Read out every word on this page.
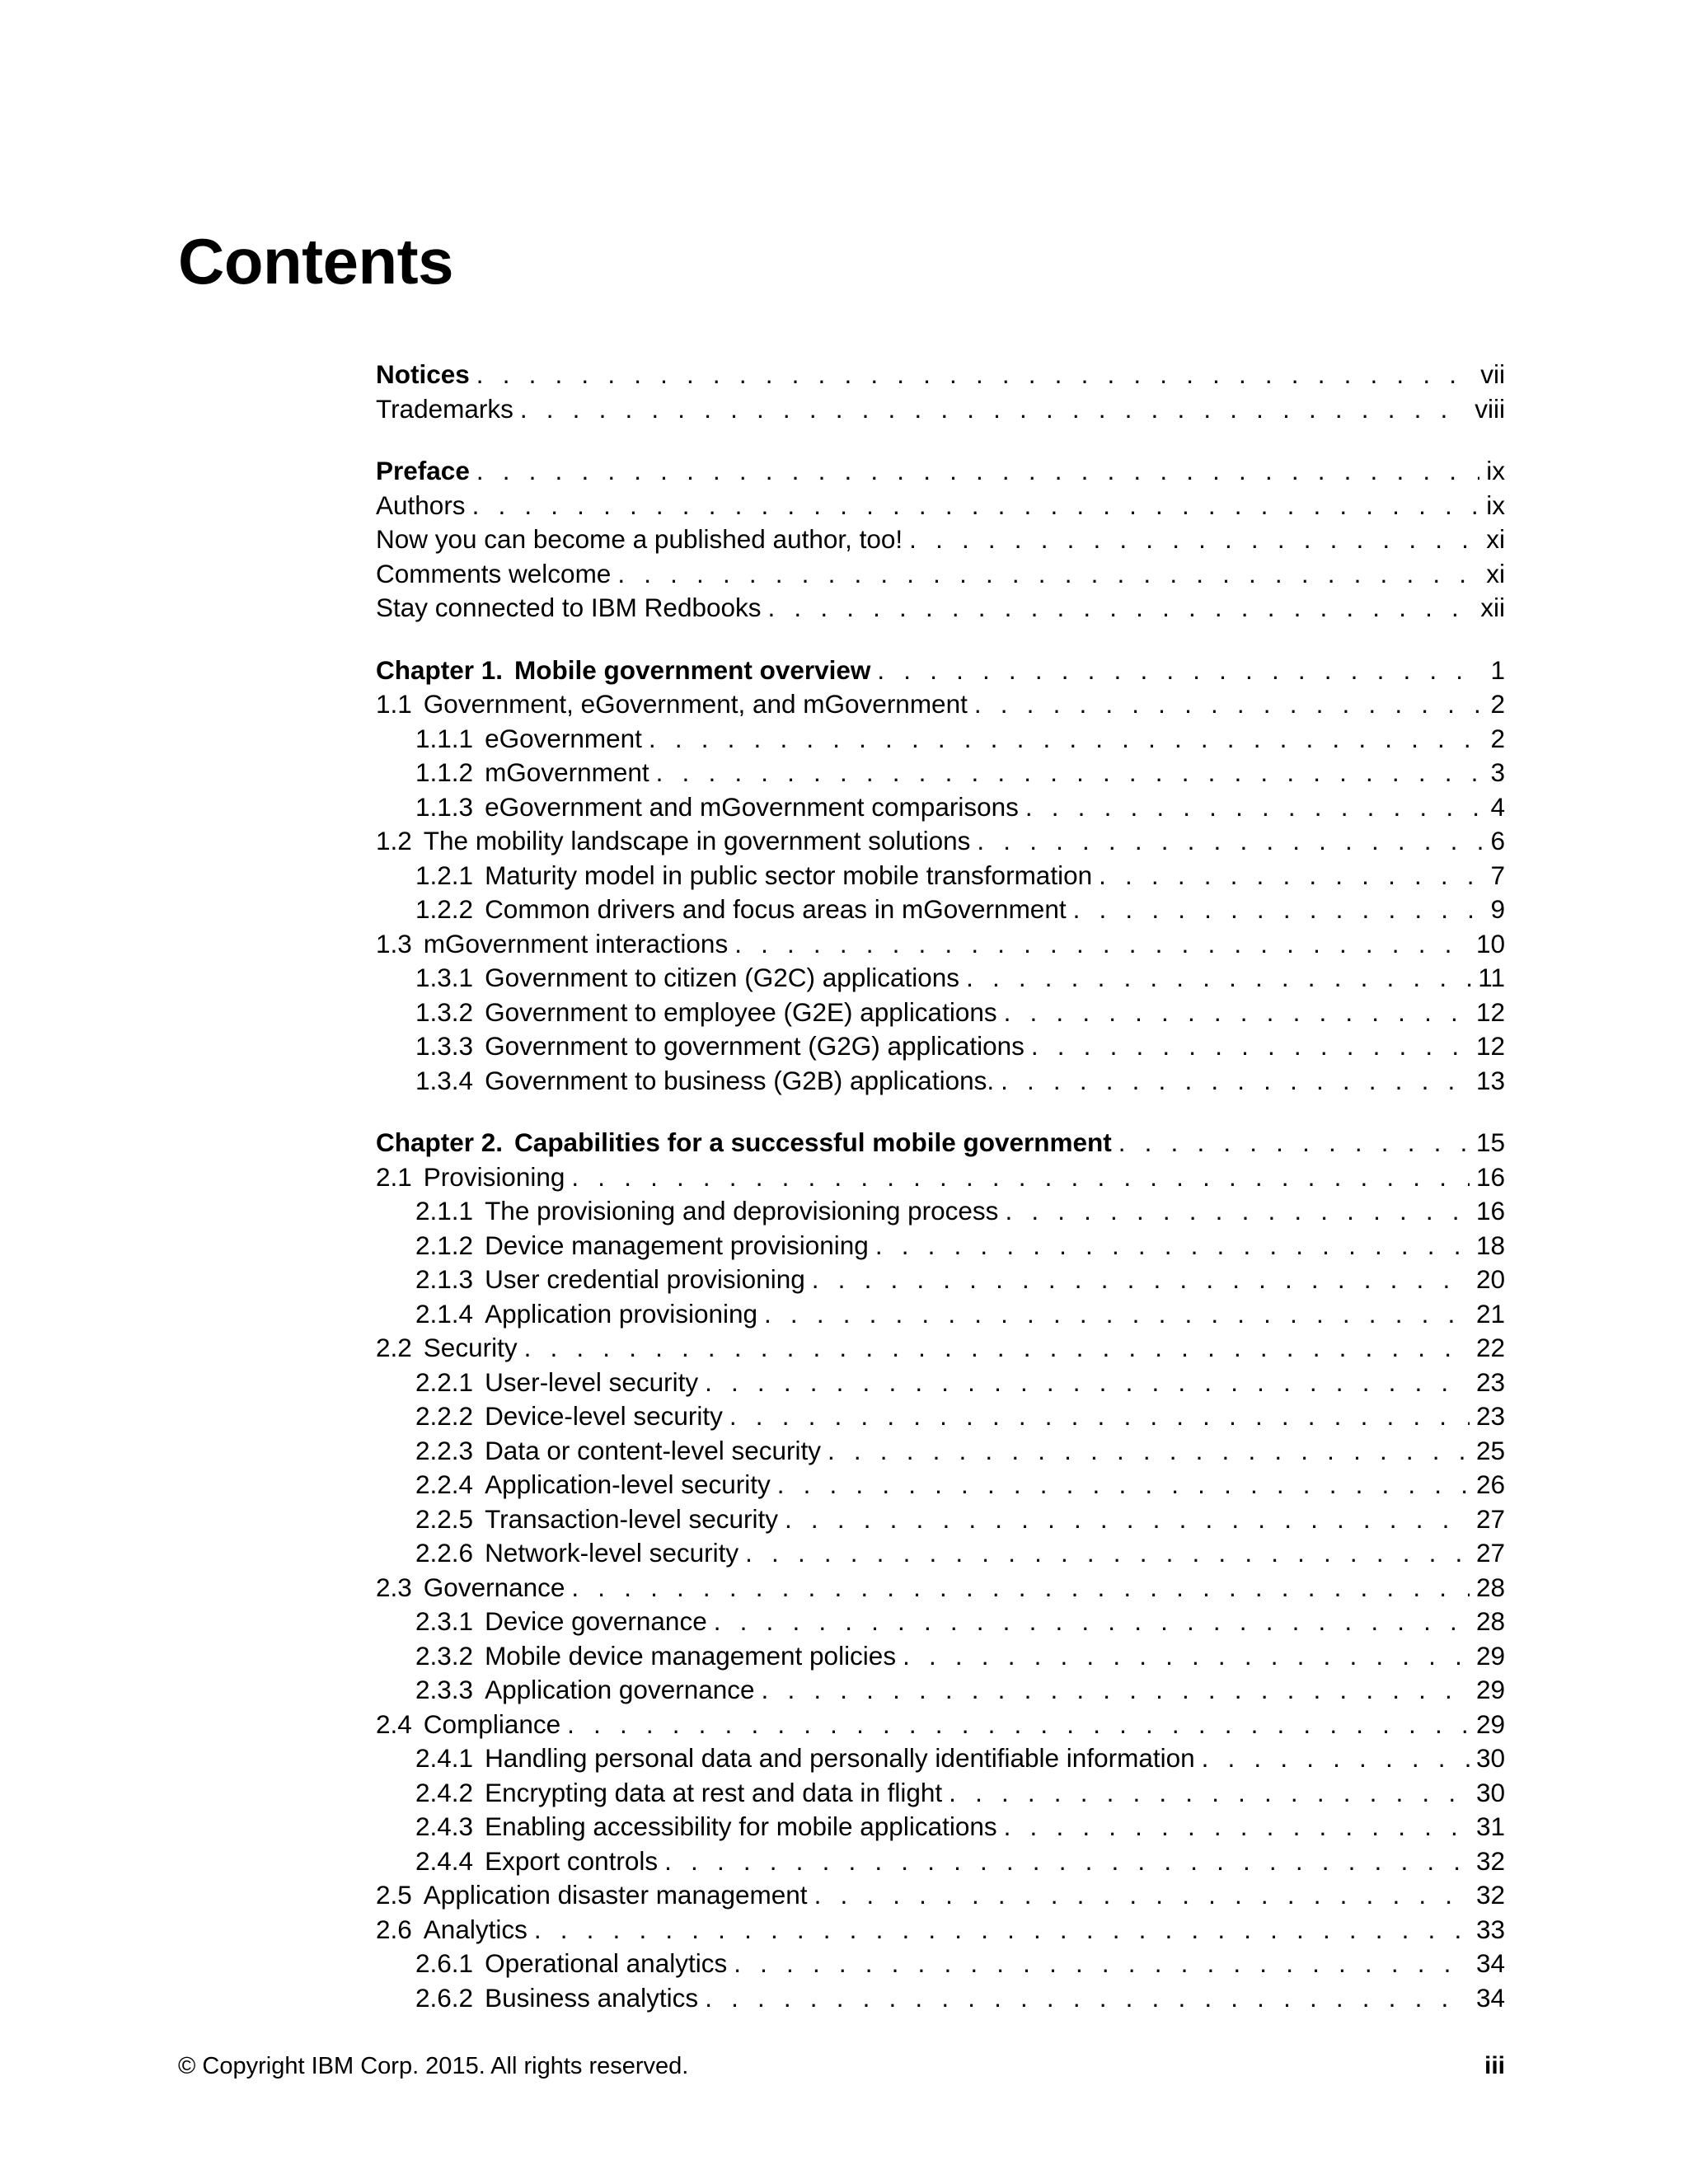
Contents
Notices . . .	vii
Trademarks . . .	viii
Preface . . .	ix
Authors . . .	ix
Now you can become a published author, too! . . .	xi
Comments welcome . . .	xi
Stay connected to IBM Redbooks . . .	xii
Chapter 1. Mobile government overview . . .	1
1.1 Government, eGovernment, and mGovernment . . .	2
1.1.1 eGovernment . . .	2
1.1.2 mGovernment . . .	3
1.1.3 eGovernment and mGovernment comparisons . . .	4
1.2 The mobility landscape in government solutions . . .	6
1.2.1 Maturity model in public sector mobile transformation . . .	7
1.2.2 Common drivers and focus areas in mGovernment . . .	9
1.3 mGovernment interactions . . .	10
1.3.1 Government to citizen (G2C) applications . . .	11
1.3.2 Government to employee (G2E) applications . . .	12
1.3.3 Government to government (G2G) applications . . .	12
1.3.4 Government to business (G2B) applications. . . .	13
Chapter 2. Capabilities for a successful mobile government . . .	15
2.1 Provisioning . . .	16
2.1.1 The provisioning and deprovisioning process . . .	16
2.1.2 Device management provisioning . . .	18
2.1.3 User credential provisioning . . .	20
2.1.4 Application provisioning . . .	21
2.2 Security . . .	22
2.2.1 User-level security . . .	23
2.2.2 Device-level security . . .	23
2.2.3 Data or content-level security . . .	25
2.2.4 Application-level security . . .	26
2.2.5 Transaction-level security . . .	27
2.2.6 Network-level security . . .	27
2.3 Governance . . .	28
2.3.1 Device governance . . .	28
2.3.2 Mobile device management policies . . .	29
2.3.3 Application governance . . .	29
2.4 Compliance . . .	29
2.4.1 Handling personal data and personally identifiable information . . .	30
2.4.2 Encrypting data at rest and data in flight . . .	30
2.4.3 Enabling accessibility for mobile applications . . .	31
2.4.4 Export controls . . .	32
2.5 Application disaster management . . .	32
2.6 Analytics . . .	33
2.6.1 Operational analytics . . .	34
2.6.2 Business analytics . . .	34
© Copyright IBM Corp. 2015. All rights reserved.	iii
